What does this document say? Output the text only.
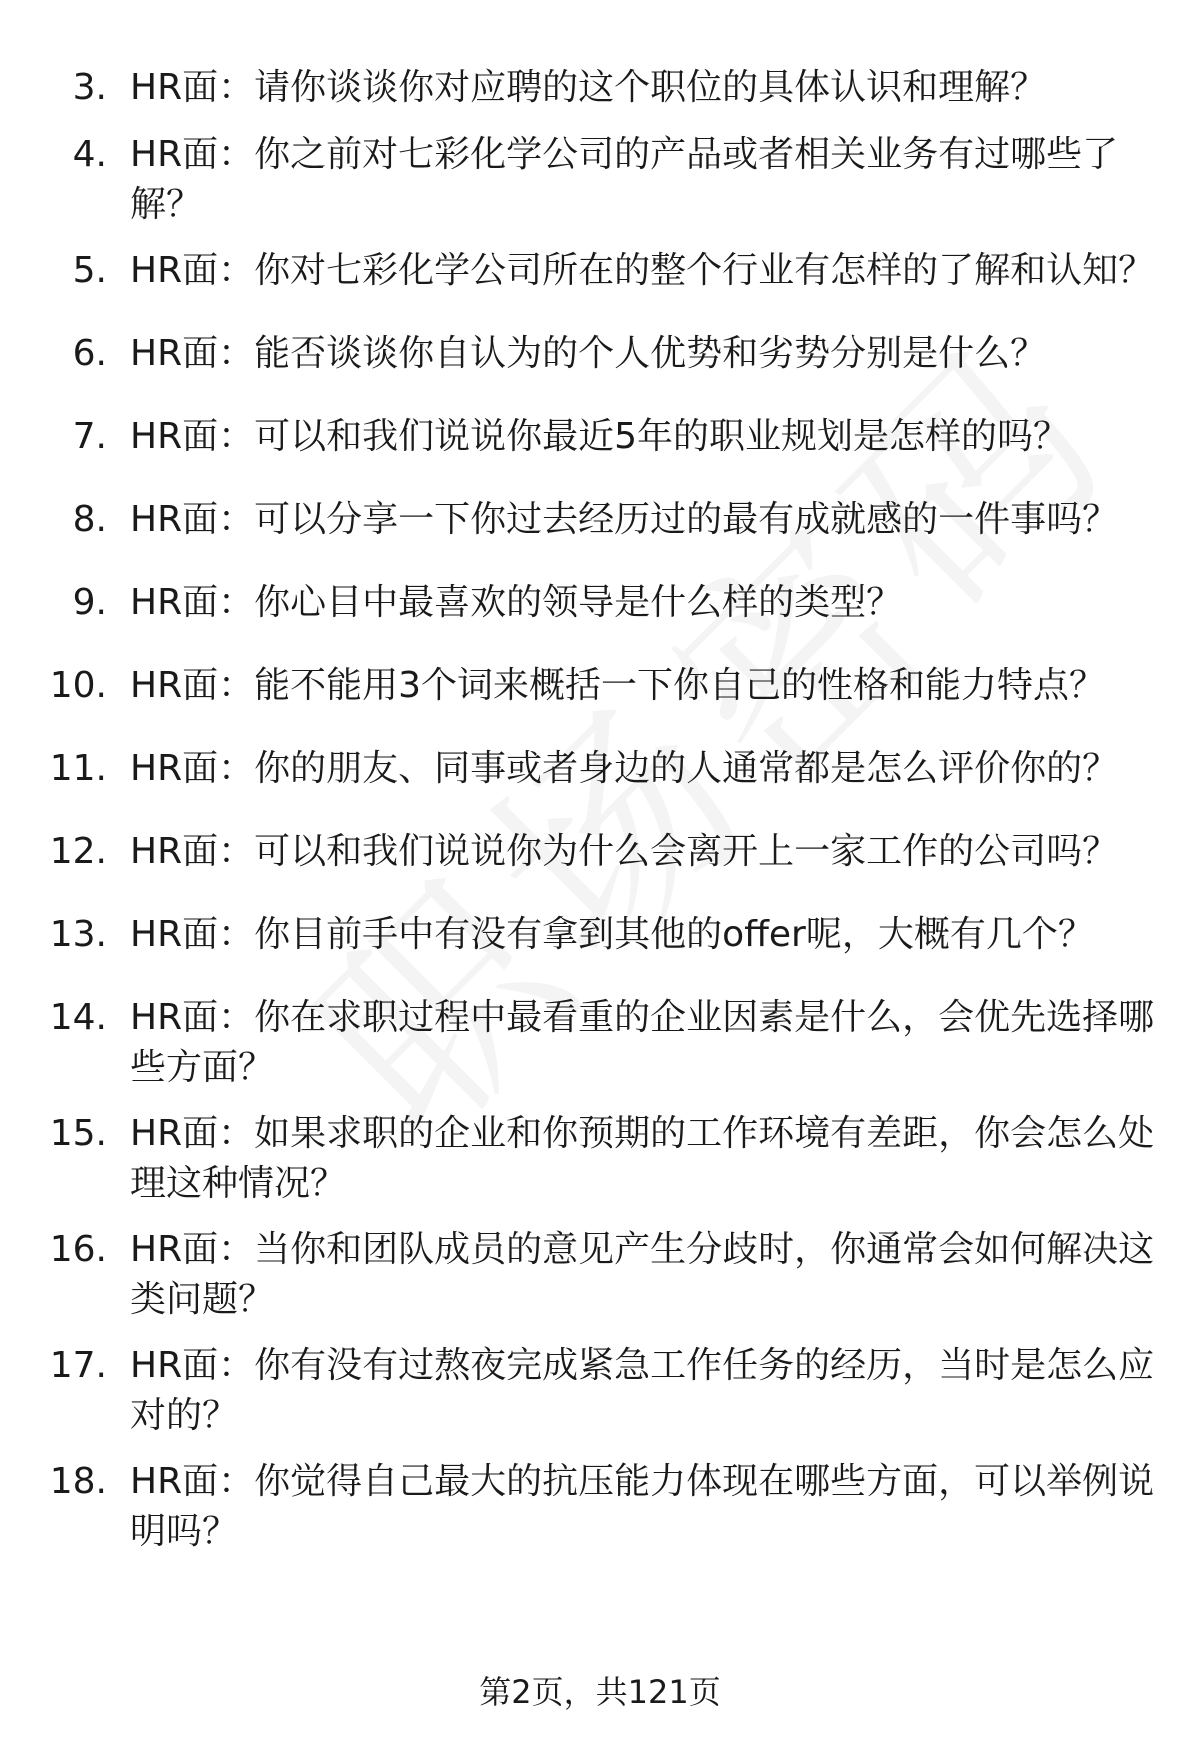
3. HR面：请你谈谈你对应聘的这个职位的具体认识和理解？
4. HR面：你之前对七彩化学公司的产品或者相关业务有过哪些了解？
5. HR面：你对七彩化学公司所在的整个行业有怎样的了解和认知？
6. HR面：能否谈谈你自认为的个人优势和劣势分别是什么？
7. HR面：可以和我们说说你最近5年的职业规划是怎样的吗？
8. HR面：可以分享一下你过去经历过的最有成就感的一件事吗？
9. HR面：你心目中最喜欢的领导是什么样的类型？
10. HR面：能不能用3个词来概括一下你自己的性格和能力特点？
11. HR面：你的朋友、同事或者身边的人通常都是怎么评价你的？
12. HR面：可以和我们说说你为什么会离开上一家工作的公司吗？
13. HR面：你目前手中有没有拿到其他的offer呢，大概有几个？
14. HR面：你在求职过程中最看重的企业因素是什么，会优先选择哪些方面？
15. HR面：如果求职的企业和你预期的工作环境有差距，你会怎么处理这种情况？
16. HR面：当你和团队成员的意见产生分歧时，你通常会如何解决这类问题？
17. HR面：你有没有过熬夜完成紧急工作任务的经历，当时是怎么应对的？
18. HR面：你觉得自己最大的抗压能力体现在哪些方面，可以举例说明吗？
第2页，共121页
